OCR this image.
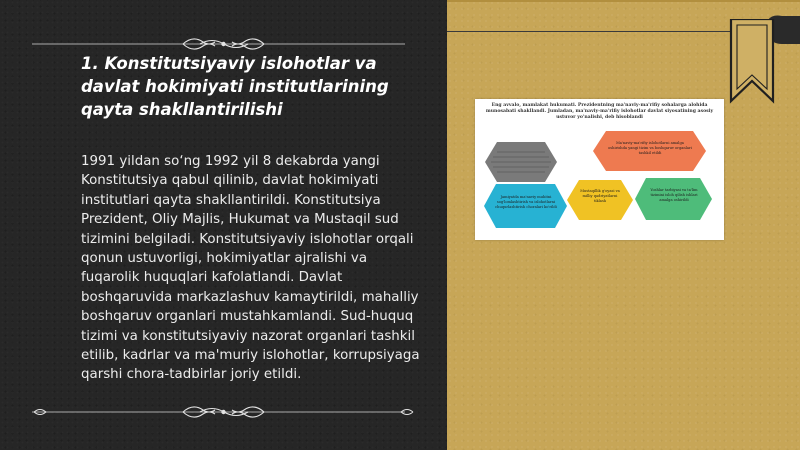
1. Konstitutsiyaviy islohotlar va davlat hokimiyati institutlarining qayta shakllantirilishi

1991 yildan so‘ng 1992 yil 8 dekabrda yangi Konstitutsiya qabul qilinib, davlat hokimiyati institutlari qayta shakllantirildi. Konstitutsiya Prezident, Oliy Majlis, Hukumat va Mustaqil sud tizimini belgiladi. Konstitutsiyaviy islohotlar orqali qonun ustuvorligi, hokimiyatlar ajralishi va fuqarolik huquqlari kafolatlandi. Davlat boshqaruvida markazlashuv kamaytirildi, mahalliy boshqaruv organlari mustahkamlandi. Sud-huquq tizimi va konstitutsiyaviy nazorat organlari tashkil etilib, kadrlar va ma'muriy islohotlar, korrupsiyaga qarshi chora-tadbirlar joriy etildi.

Eng avvalo, mamlakat hukumati. Prezidentning ma'naviy-ma'rifiy sohalarga alohida munosabati shakllandi. Jumladan, ma'naviy-ma'rifiy islohotlar davlat siyosatining asosiy ustuvor yo'nalishi, deb hisoblandi

Ma'naviy-ma'rifiy islohotlarni amalga oshirishda yangi tizim va boshqaruv organlari tashkil etildi

Jamiyatda ma'naviy muhitni sog'lomlashtirish va islohotlarni chuqurlashtirish choralari ko'rildi

Mustaqillik g'oyasi va milliy qadriyatlarni tiklash

Yoshlar tarbiyasi va ta'lim tizimini isloh qilish ishlari amalga oshirildi
